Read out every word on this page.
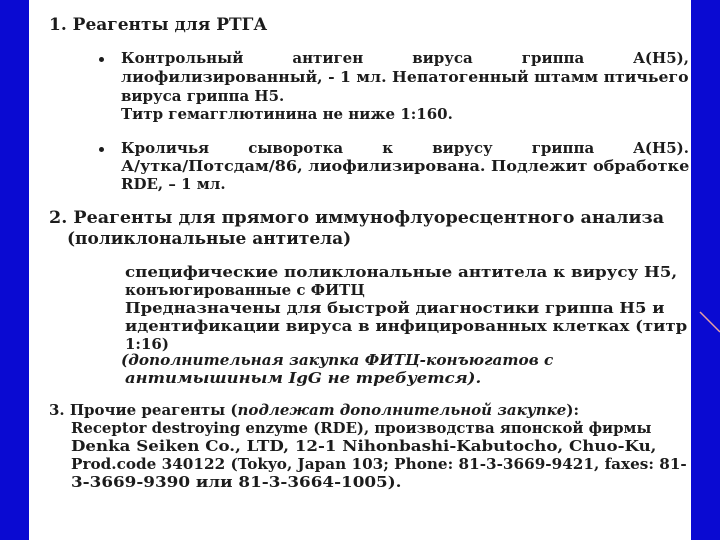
1. Реагенты для РТГА
Контрольный	антиген	вируса	гриппа	A(H5),
лиофилизированный, - 1 мл. Непатогенный штамм птичьего
вируса гриппа H5.
Титр гемагглютинина не ниже 1:160.
Кроличья	сыворотка	к	вирусу	гриппа	A(H5).
А/утка/Потсдам/86, лиофилизирована. Подлежит обработке
RDE, – 1 мл.
2. Реагенты для прямого иммунофлуоресцентного анализа
(поликлональные антитела)
специфические поликлональные антитела к вирусу H5,
конъюгированные с ФИТЦ
Предназначены для быстрой диагностики гриппа H5 и
идентификации вируса в инфицированных клетках (титр
1:16)
(дополнительная закупка ФИТЦ-конъюгатов с
антимышиным IgG не требуется).
3. Прочие реагенты (подлежат дополнительной закупке):
Receptor destroying enzyme (RDE), производства японской фирмы
Denka Seiken Co., LTD, 12-1 Nihonbashi-Kabutocho, Chuo-Ku,
Prod.code 340122 (Tokyo, Japan 103; Phone: 81-3-3669-9421, faxes: 81-
3-3669-9390 или 81-3-3664-1005).
